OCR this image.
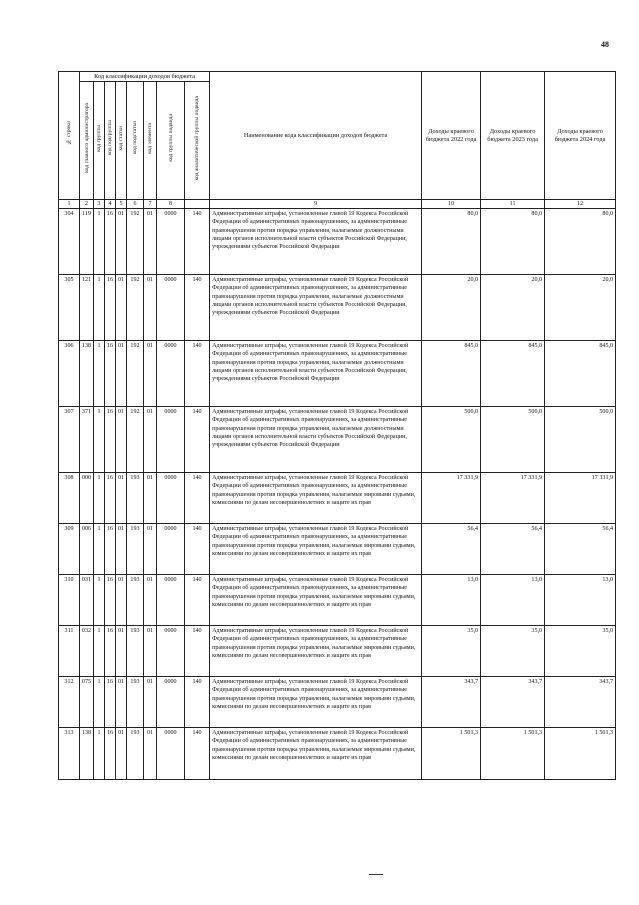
48
№ строки	Код классификации доходов бюджета								Наименование кода классификации доходов бюджета	Доходы краевого бюджета 2022 года	Доходы краевого бюджета 2023 года	Доходы краевого бюджета 2024 года
	код главного администратора	код группы	код подгруппы	код статьи	код подстатьи	код элемента	код группы подвида	код аналитической группы подвида				
1	2	3	4	5	6	7	8		9	10	11	12
304	119	1	16	01	192	01	0000	140	Административные штрафы, установленные главой 19 Кодекса Российской Федерации об административных правонарушениях, за административные правонарушения против порядка управления, налагаемые должностными лицами органов исполнительной власти субъектов Российской Федерации, учреждениями субъектов Российской Федерации	80,0	80,0	80,0
305	121	1	16	01	192	01	0000	140	Административные штрафы, установленные главой 19 Кодекса Российской Федерации об административных правонарушениях, за административные правонарушения против порядка управления, налагаемые должностными лицами органов исполнительной власти субъектов Российской Федерации, учреждениями субъектов Российской Федерации	20,0	20,0	20,0
306	138	1	16	01	192	01	0000	140	Административные штрафы, установленные главой 19 Кодекса Российской Федерации об административных правонарушениях, за административные правонарушения против порядка управления, налагаемые должностными лицами органов исполнительной власти субъектов Российской Федерации, учреждениями субъектов Российской Федерации	845,0	845,0	845,0
307	371	1	16	01	192	01	0000	140	Административные штрафы, установленные главой 19 Кодекса Российской Федерации об административных правонарушениях, за административные правонарушения против порядка управления, налагаемые должностными лицами органов исполнительной власти субъектов Российской Федерации, учреждениями субъектов Российской Федерации	500,0	500,0	500,0
308	000	1	16	01	193	01	0000	140	Административные штрафы, установленные главой 19 Кодекса Российской Федерации об административных правонарушениях, за административные правонарушения против порядка управления, налагаемые мировыми судьями, комиссиями по делам несовершеннолетних и защите их прав	17 331,9	17 331,9	17 331,9
309	006	1	16	01	193	01	0000	140	Административные штрафы, установленные главой 19 Кодекса Российской Федерации об административных правонарушениях, за административные правонарушения против порядка управления, налагаемые мировыми судьями, комиссиями по делам несовершеннолетних и защите их прав	56,4	56,4	56,4
310	031	1	16	01	193	01	0000	140	Административные штрафы, установленные главой 19 Кодекса Российской Федерации об административных правонарушениях, за административные правонарушения против порядка управления, налагаемые мировыми судьями, комиссиями по делам несовершеннолетних и защите их прав	13,0	13,0	13,0
311	032	1	16	01	193	01	0000	140	Административные штрафы, установленные главой 19 Кодекса Российской Федерации об административных правонарушениях, за административные правонарушения против порядка управления, налагаемые мировыми судьями, комиссиями по делам несовершеннолетних и защите их прав	35,0	35,0	35,0
312	075	1	16	01	193	01	0000	140	Административные штрафы, установленные главой 19 Кодекса Российской Федерации об административных правонарушениях, за административные правонарушения против порядка управления, налагаемые мировыми судьями, комиссиями по делам несовершеннолетних и защите их прав	343,7	343,7	343,7
313	138	1	16	01	193	01	0000	140	Административные штрафы, установленные главой 19 Кодекса Российской Федерации об административных правонарушениях, за административные правонарушения против порядка управления, налагаемые мировыми судьями, комиссиями по делам несовершеннолетних и защите их прав	1 501,3	1 501,3	1 501,3
